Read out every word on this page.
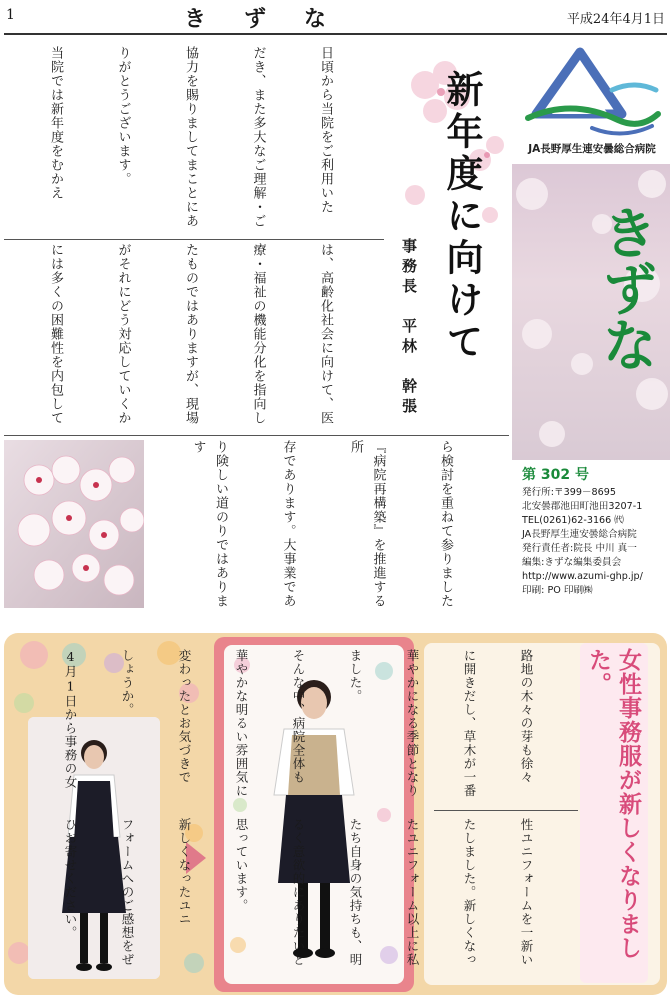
1	きずな	平成24年4月1日
新年度に向けて
事務長　平林　幹張

日頃から当院をご利用いた

だき、また多大なご理解・ご

協力を賜りましてまことにあ

りがとうございます。

当院では新年度をむかえ

は、高齢化社会に向けて、医

療・福祉の機能分化を指向し

たものではありますが、現場

がそれにどう対応していくか

には多くの困難性を内包して

ら検討を重ねて参りました

『病院再構築』を推進する所

存であります。大事業であ

り険しい道のりではあります

JA長野厚生連安曇総合病院
きずな
第 302 号
発行所:〒399－8695
北安曇郡池田町池田3207-1
TEL(0261)62-3166 ㈹
JA長野厚生連安曇総合病院
発行責任者:院長 中川 真一
編集:きずな編集委員会
http://www.azumi-ghp.jp/
印刷: PO 印刷㈱
女性事務服が新しくなりました。

路地の木々の芽も徐々

に開きだし、草木が一番

華やかになる季節となり

ました。

そんな中、病院全体も

華やかな明るい雰囲気に

変わったとお気づきで

しょうか。

4月1日から事務の女

性ユニフォームを一新い

たしました。新しくなっ

たユニフォーム以上に私

たち自身の気持ちも、明

るく意欲的にありたいと

思っています。

新しくなったユニ

フォームへのご感想をぜ

ひお寄せください。
